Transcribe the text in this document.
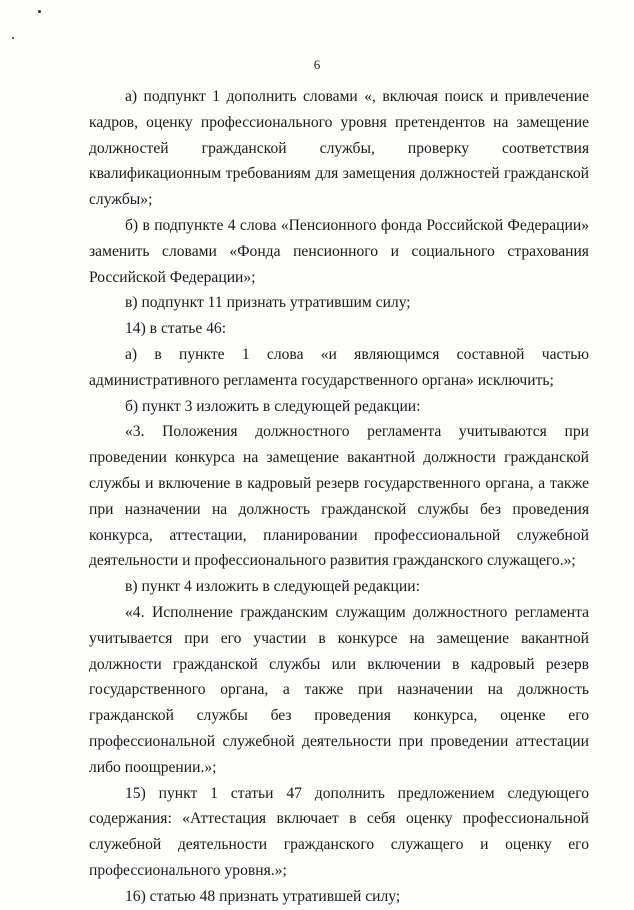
6

а) подпункт 1 дополнить словами «, включая поиск и привлечение кадров, оценку профессионального уровня претендентов на замещение должностей гражданской службы, проверку соответствия квалификационным требованиям для замещения должностей гражданской службы»;

б) в подпункте 4 слова «Пенсионного фонда Российской Федерации» заменить словами «Фонда пенсионного и социального страхования Российской Федерации»;

в) подпункт 11 признать утратившим силу;

14) в статье 46:

а) в пункте 1 слова «и являющимся составной частью административного регламента государственного органа» исключить;

б) пункт 3 изложить в следующей редакции:

«3. Положения должностного регламента учитываются при проведении конкурса на замещение вакантной должности гражданской службы и включение в кадровый резерв государственного органа, а также при назначении на должность гражданской службы без проведения конкурса, аттестации, планировании профессиональной служебной деятельности и профессионального развития гражданского служащего.»;

в) пункт 4 изложить в следующей редакции:

«4. Исполнение гражданским служащим должностного регламента учитывается при его участии в конкурсе на замещение вакантной должности гражданской службы или включении в кадровый резерв государственного органа, а также при назначении на должность гражданской службы без проведения конкурса, оценке его профессиональной служебной деятельности при проведении аттестации либо поощрении.»;

15) пункт 1 статьи 47 дополнить предложением следующего содержания: «Аттестация включает в себя оценку профессиональной служебной деятельности гражданского служащего и оценку его профессионального уровня.»;

16) статью 48 признать утратившей силу;
